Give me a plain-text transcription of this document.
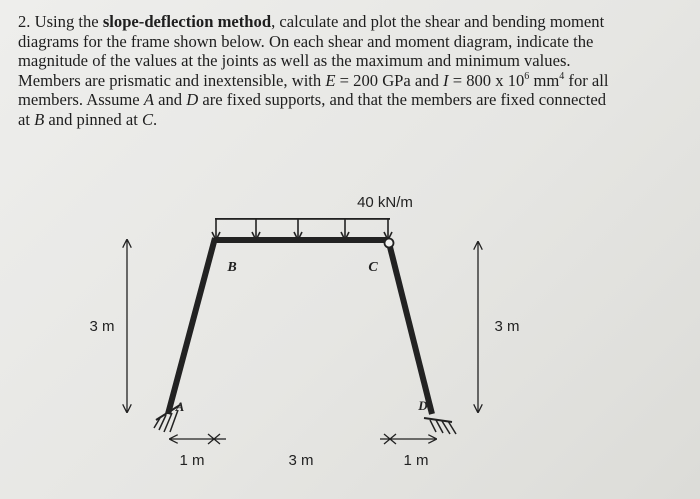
2. Using the slope-deflection method, calculate and plot the shear and bending moment
diagrams for the frame shown below. On each shear and moment diagram, indicate the
magnitude of the values at the joints as well as the maximum and minimum values.
Members are prismatic and inextensible, with E = 200 GPa and I = 800 x $10^6$ $mm^4$ for all
members. Assume A and D are fixed supports, and that the members are fixed connected
at B and pinned at C.
40 kN/m
B	C
A	D
3 m	3 m
1 m	3 m	1 m
